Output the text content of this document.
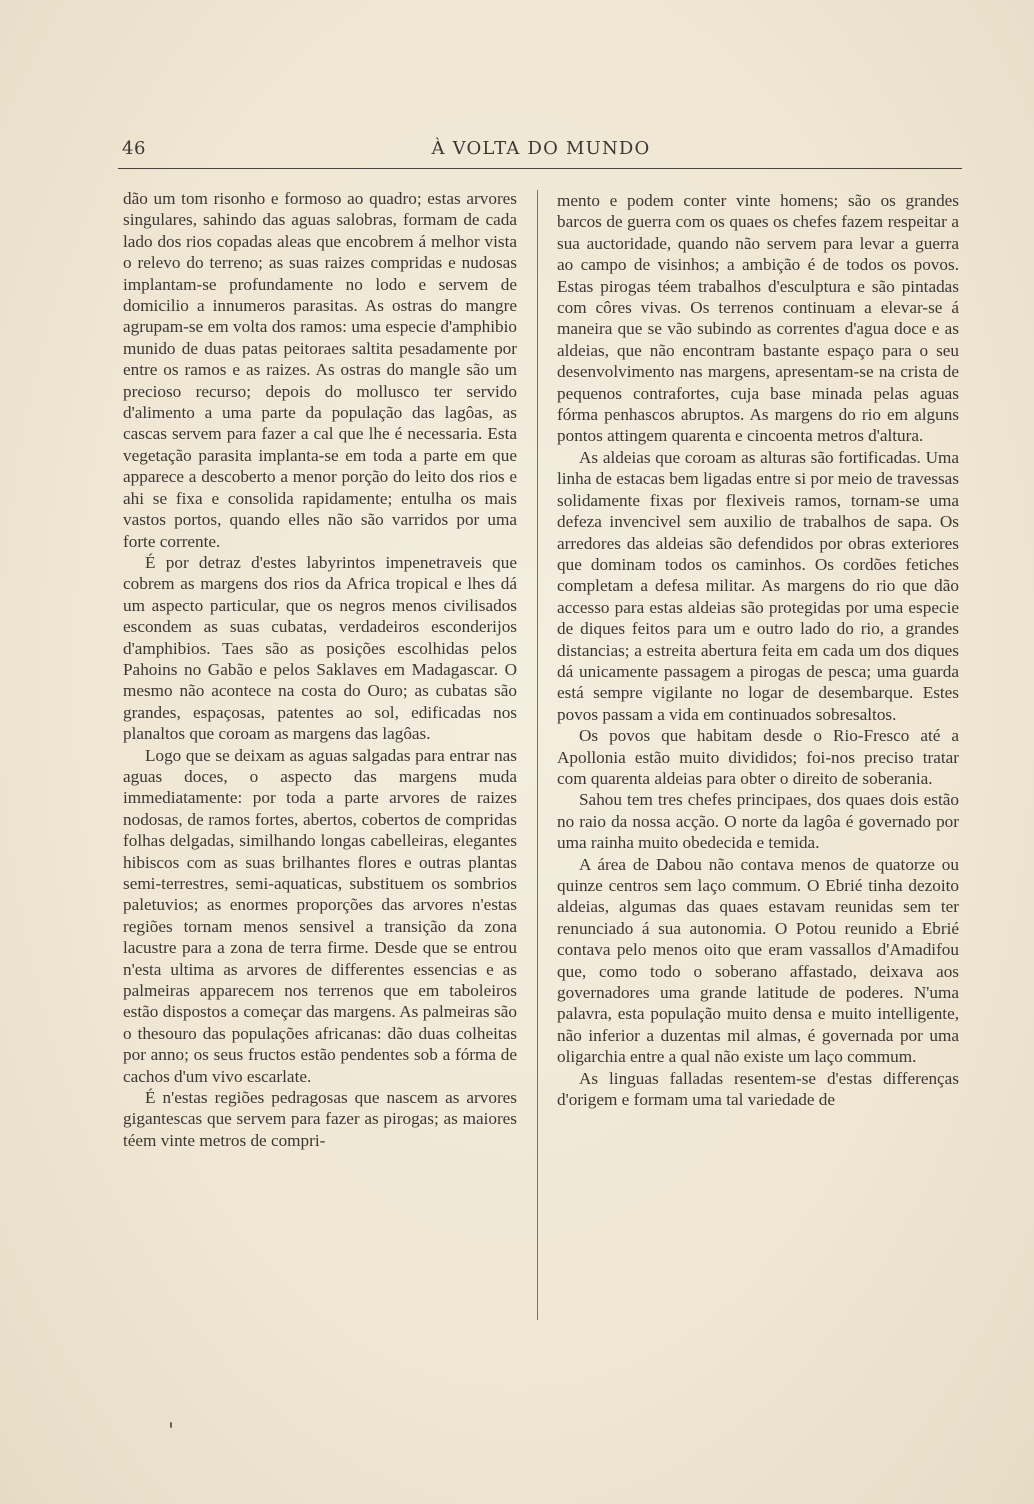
46	À VOLTA DO MUNDO

dão um tom risonho e formoso ao quadro; estas arvores singulares, sahindo das aguas salobras, formam de cada lado dos rios copadas aleas que encobrem á melhor vista o relevo do terreno; as suas raizes compridas e nudosas implantam-se profundamente no lodo e servem de domicilio a innumeros parasitas. As ostras do mangre agrupam-se em volta dos ramos: uma especie d'amphibio munido de duas patas peitoraes saltita pesadamente por entre os ramos e as raizes. As ostras do mangle são um precioso recurso; depois do mollusco ter servido d'alimento a uma parte da população das lagôas, as cascas servem para fazer a cal que lhe é necessaria. Esta vegetação parasita implanta-se em toda a parte em que apparece a descoberto a menor porção do leito dos rios e ahi se fixa e consolida rapidamente; entulha os mais vastos portos, quando elles não são varridos por uma forte corrente.

É por detraz d'estes labyrintos impenetraveis que cobrem as margens dos rios da Africa tropical e lhes dá um aspecto particular, que os negros menos civilisados escondem as suas cubatas, verdadeiros esconderijos d'amphibios. Taes são as posições escolhidas pelos Pahoins no Gabão e pelos Saklaves em Madagascar. O mesmo não acontece na costa do Ouro; as cubatas são grandes, espaçosas, patentes ao sol, edificadas nos planaltos que coroam as margens das lagôas.

Logo que se deixam as aguas salgadas para entrar nas aguas doces, o aspecto das margens muda immediatamente: por toda a parte arvores de raizes nodosas, de ramos fortes, abertos, cobertos de compridas folhas delgadas, similhando longas cabelleiras, elegantes hibiscos com as suas brilhantes flores e outras plantas semi-terrestres, semi-aquaticas, substituem os sombrios paletuvios; as enormes proporções das arvores n'estas regiões tornam menos sensivel a transição da zona lacustre para a zona de terra firme. Desde que se entrou n'esta ultima as arvores de differentes essencias e as palmeiras apparecem nos terrenos que em taboleiros estão dispostos a começar das margens. As palmeiras são o thesouro das populações africanas: dão duas colheitas por anno; os seus fructos estão pendentes sob a fórma de cachos d'um vivo escarlate.

É n'estas regiões pedragosas que nascem as arvores gigantescas que servem para fazer as pirogas; as maiores téem vinte metros de compri-

mento e podem conter vinte homens; são os grandes barcos de guerra com os quaes os chefes fazem respeitar a sua auctoridade, quando não servem para levar a guerra ao campo de visinhos; a ambição é de todos os povos. Estas pirogas téem trabalhos d'esculptura e são pintadas com côres vivas. Os terrenos continuam a elevar-se á maneira que se vão subindo as correntes d'agua doce e as aldeias, que não encontram bastante espaço para o seu desenvolvimento nas margens, apresentam-se na crista de pequenos contrafortes, cuja base minada pelas aguas fórma penhascos abruptos. As margens do rio em alguns pontos attingem quarenta e cincoenta metros d'altura.

As aldeias que coroam as alturas são fortificadas. Uma linha de estacas bem ligadas entre si por meio de travessas solidamente fixas por flexiveis ramos, tornam-se uma defeza invencivel sem auxilio de trabalhos de sapa. Os arredores das aldeias são defendidos por obras exteriores que dominam todos os caminhos. Os cordões fetiches completam a defesa militar. As margens do rio que dão accesso para estas aldeias são protegidas por uma especie de diques feitos para um e outro lado do rio, a grandes distancias; a estreita abertura feita em cada um dos diques dá unicamente passagem a pirogas de pesca; uma guarda está sempre vigilante no logar de desembarque. Estes povos passam a vida em continuados sobresaltos.

Os povos que habitam desde o Rio-Fresco até a Apollonia estão muito divididos; foi-nos preciso tratar com quarenta aldeias para obter o direito de soberania.

Sahou tem tres chefes principaes, dos quaes dois estão no raio da nossa acção. O norte da lagôa é governado por uma rainha muito obedecida e temida.

A área de Dabou não contava menos de quatorze ou quinze centros sem laço commum. O Ebrié tinha dezoito aldeias, algumas das quaes estavam reunidas sem ter renunciado á sua autonomia. O Potou reunido a Ebrié contava pelo menos oito que eram vassallos d'Amadifou que, como todo o soberano affastado, deixava aos governadores uma grande latitude de poderes. N'uma palavra, esta população muito densa e muito intelligente, não inferior a duzentas mil almas, é governada por uma oligarchia entre a qual não existe um laço commum.

As linguas falladas resentem-se d'estas differenças d'origem e formam uma tal variedade de
